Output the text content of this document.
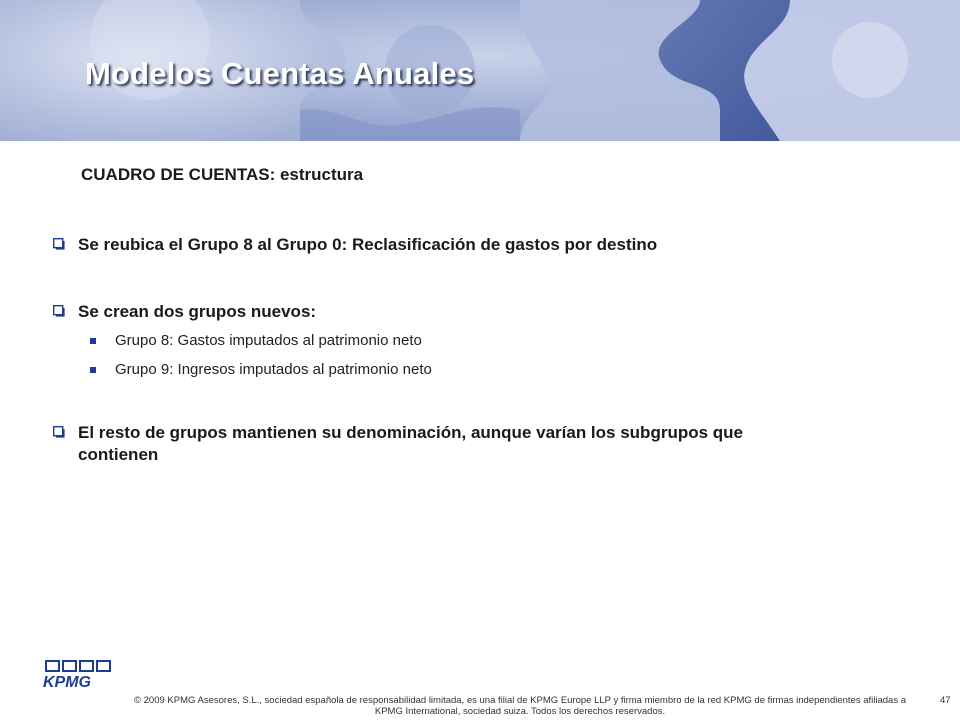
Modelos Cuentas Anuales
CUADRO DE CUENTAS: estructura
Se reubica el Grupo 8 al Grupo 0: Reclasificación de gastos por destino
Se crean dos grupos nuevos:
Grupo 8: Gastos imputados al patrimonio neto
Grupo 9: Ingresos imputados al patrimonio neto
El resto de grupos mantienen su denominación, aunque varían los subgrupos que contienen
KPMG
© 2009 KPMG Asesores, S.L., sociedad española de responsabilidad limitada, es una filial de KPMG Europe LLP y firma miembro de la red KPMG de firmas independientes afiliadas a KPMG International, sociedad suiza. Todos los derechos reservados.
47
